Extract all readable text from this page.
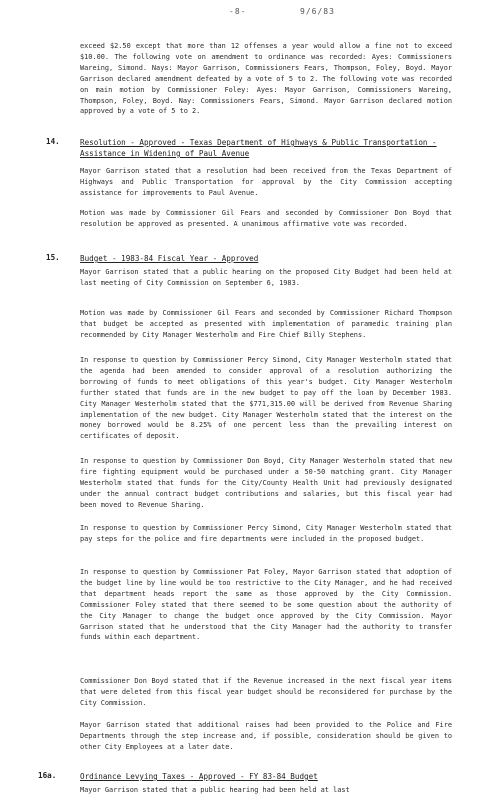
-8-	9/6/83

exceed $2.50 except that more than 12 offenses a year would allow a fine not to exceed $10.00. The following vote on amendment to ordinance was recorded: Ayes: Commissioners Wareing, Simond. Nays: Mayor Garrison, Commissioners Fears, Thompson, Foley, Boyd. Mayor Garrison declared amendment defeated by a vote of 5 to 2. The following vote was recorded on main motion by Commissioner Foley: Ayes: Mayor Garrison, Commissioners Wareing, Thompson, Foley, Boyd. Nay: Commissioners Fears, Simond. Mayor Garrison declared motion approved by a vote of 5 to 2.

14.	Resolution - Approved - Texas Department of Highways & Public Transportation - Assistance in Widening of Paul Avenue

Mayor Garrison stated that a resolution had been received from the Texas Department of Highways and Public Transportation for approval by the City Commission accepting assistance for improvements to Paul Avenue.

Motion was made by Commissioner Gil Fears and seconded by Commissioner Don Boyd that resolution be approved as presented. A unanimous affirmative vote was recorded.

15.	Budget - 1983-84 Fiscal Year - Approved

Mayor Garrison stated that a public hearing on the proposed City Budget had been held at last meeting of City Commission on September 6, 1983.

Motion was made by Commissioner Gil Fears and seconded by Commissioner Richard Thompson that budget be accepted as presented with implementation of paramedic training plan recommended by City Manager Westerholm and Fire Chief Billy Stephens.

In response to question by Commissioner Percy Simond, City Manager Westerholm stated that the agenda had been amended to consider approval of a resolution authorizing the borrowing of funds to meet obligations of this year's budget. City Manager Westerholm further stated that funds are in the new budget to pay off the loan by December 1983. City Manager Westerholm stated that the $771,315.00 will be derived from Revenue Sharing implementation of the new budget. City Manager Westerholm stated that the interest on the money borrowed would be 8.25% of one percent less than the prevailing interest on certificates of deposit.

In response to question by Commissioner Don Boyd, City Manager Westerholm stated that new fire fighting equipment would be purchased under a 50-50 matching grant. City Manager Westerholm stated that funds for the City/County Health Unit had previously designated under the annual contract budget contributions and salaries, but this fiscal year had been moved to Revenue Sharing.

In response to question by Commissioner Percy Simond, City Manager Westerholm stated that pay steps for the police and fire departments were included in the proposed budget.

In response to question by Commissioner Pat Foley, Mayor Garrison stated that adoption of the budget line by line would be too restrictive to the City Manager, and he had received that department heads report the same as those approved by the City Commission. Commissioner Foley stated that there seemed to be some question about the authority of the City Manager to change the budget once approved by the City Commission. Mayor Garrison stated that he understood that the City Manager had the authority to transfer funds within each department.

Commissioner Don Boyd stated that if the Revenue increased in the next fiscal year items that were deleted from this fiscal year budget should be reconsidered for purchase by the City Commission.

Mayor Garrison stated that additional raises had been provided to the Police and Fire Departments through the step increase and, if possible, consideration should be given to other City Employees at a later date.

16a.	Ordinance Levying Taxes - Approved - FY 83-84 Budget

Mayor Garrison stated that a public hearing had been held at last
